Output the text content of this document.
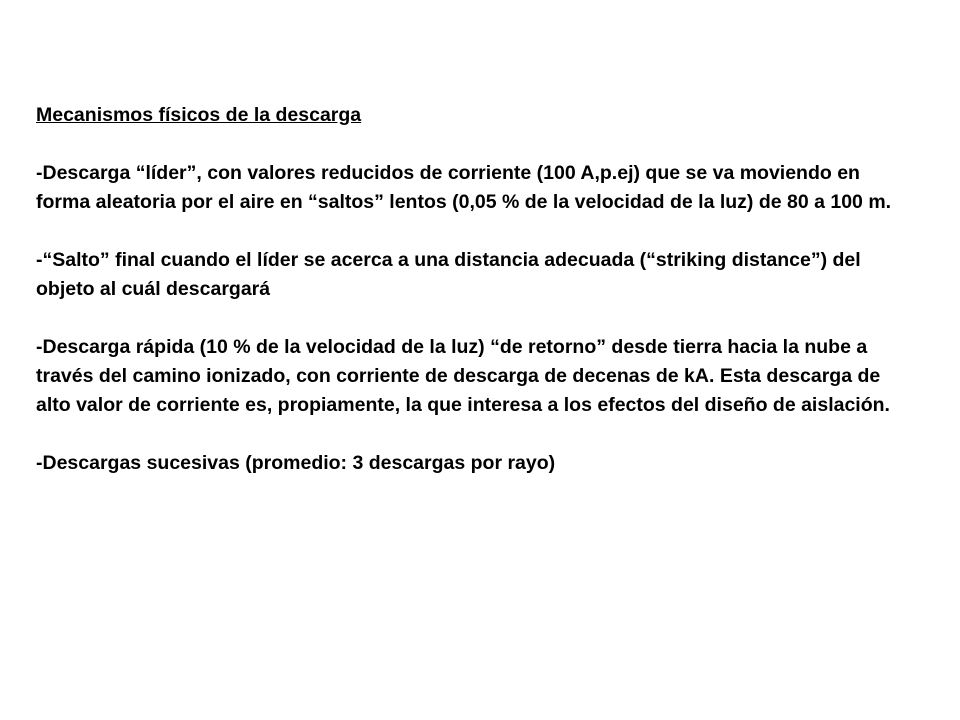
Mecanismos físicos de la descarga

-Descarga “líder”, con valores reducidos de corriente (100 A,p.ej) que se va moviendo en forma aleatoria por el aire en “saltos” lentos (0,05 % de la velocidad de la luz) de 80 a 100 m.

-“Salto” final cuando el líder se acerca a una distancia adecuada (“striking distance”) del objeto al cuál descargará

-Descarga rápida (10 % de la velocidad de la luz) “de retorno” desde tierra hacia la nube a través del camino ionizado, con corriente de descarga de decenas de kA. Esta descarga de alto valor de corriente es, propiamente, la que interesa a los efectos del diseño de aislación.

-Descargas sucesivas (promedio: 3 descargas por rayo)
